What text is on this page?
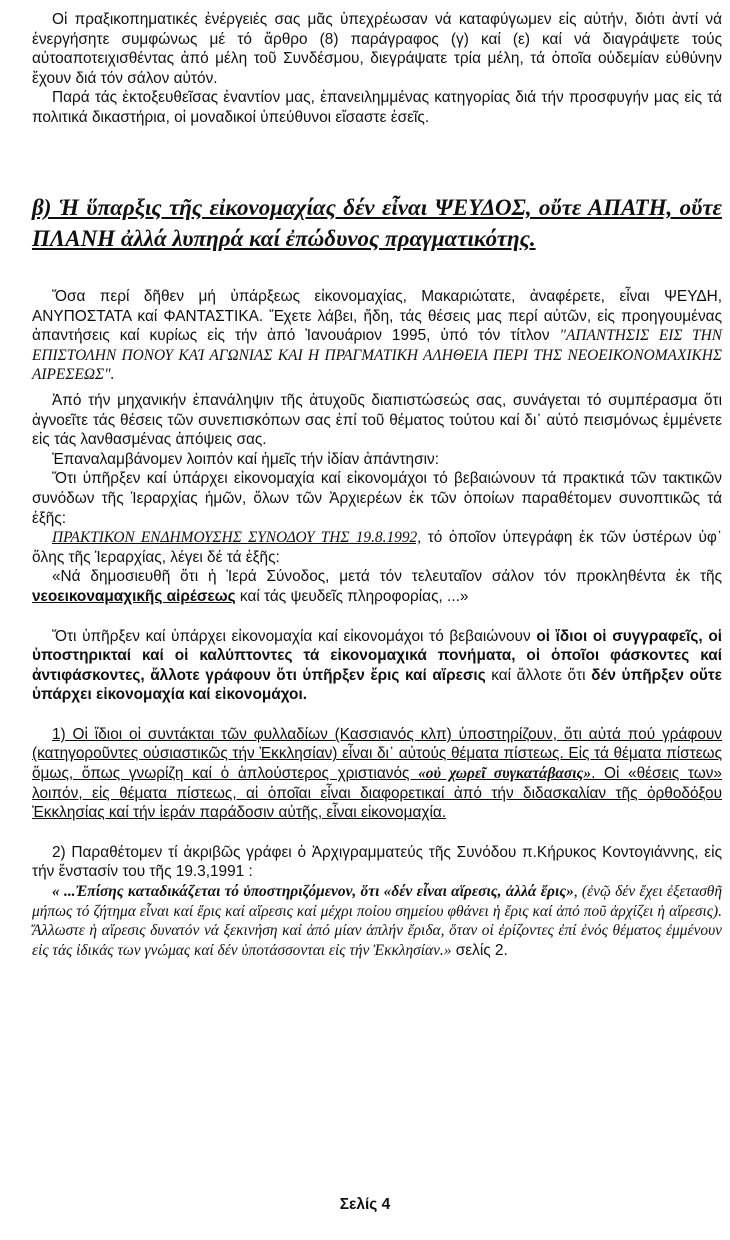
Οἱ πραξικοπηματικές ἐνέργειές σας μᾶς ὑπεχρέωσαν νά καταφύγωμεν εἰς αὐτήν, διότι ἀντί νά ἐνεργήσητε συμφώνως μέ τό ἄρθρο (8) παράγραφος (γ) καί (ε) καί νά διαγράψετε τούς αὐτοαποτειχισθέντας ἀπό μέλη τοῦ Συνδέσμου, διεγράψατε τρία μέλη, τά ὁποῖα οὐδεμίαν εὐθύνην ἔχουν διά τόν σάλον αὐτόν.

Παρά τάς ἐκτοξευθεῖσας ἐναντίον μας, ἐπανειλημμένας κατηγορίας διά τήν προσφυγήν μας εἰς τά πολιτικά δικαστήρια, οἱ μοναδικοί ὑπεύθυνοι εἴσαστε ἐσεῖς.

β) Ἡ ὕπαρξις τῆς εἰκονομαχίας δέν εἶναι ΨΕΥΔΟΣ, οὔτε ΑΠΑΤΗ, οὔτε ΠΛΑΝΗ ἀλλά λυπηρά καί ἐπώδυνος πραγματικότης.

Ὅσα περί δῆθεν μή ὑπάρξεως εἰκονομαχίας, Μακαριώτατε, ἀναφέρετε, εἶναι ΨΕΥΔΗ, ΑΝΥΠΟΣΤΑΤΑ καί ΦΑΝΤΑΣΤΙΚΑ. Ἔχετε λάβει, ἤδη, τάς θέσεις μας περί αὐτῶν, εἰς προηγουμένας ἀπαντήσεις καί κυρίως εἰς τήν ἀπό Ἰανουάριον 1995, ὑπό τόν τίτλον "ΑΠΑΝΤΗΣΙΣ ΕΙΣ ΤΗΝ ΕΠΙΣΤΟΛΗΝ ΠΟΝΟΥ ΚΑΊ ΑΓΩΝΙΑΣ ΚΑΙ Η ΠΡΑΓΜΑΤΙΚΗ ΑΛΗΘΕΙΑ ΠΕΡΙ ΤΗΣ ΝΕΟΕΙΚΟΝΟΜΑΧΙΚΗΣ ΑΙΡΕΣΕΩΣ".

Ἀπό τήν μηχανικήν ἐπανάληψιν τῆς ἀτυχοῦς διαπιστώσεώς σας, συνάγεται τό συμπέρασμα ὅτι ἀγνοεῖτε τάς θέσεις τῶν συνεπισκόπων σας ἐπί τοῦ θέματος τούτου καί δι᾽ αὐτό πεισμόνως ἐμμένετε εἰς τάς λανθασμένας ἀπόψεις σας.

Ἐπαναλαμβάνομεν λοιπόν καί ἡμεῖς τήν ἰδίαν ἀπάντησιν:

Ὅτι ὑπῆρξεν καί ὑπάρχει εἰκονομαχία καί εἰκονομάχοι τό βεβαιώνουν τά πρακτικά τῶν τακτικῶν συνόδων τῆς Ἱεραρχίας ἡμῶν, ὅλων τῶν Ἀρχιερέων ἐκ τῶν ὁποίων παραθέτομεν συνοπτικῶς τά ἑξῆς:

ΠΡΑΚΤΙΚΟΝ ΕΝΔΗΜΟΥΣΗΣ ΣΥΝΟΔΟΥ ΤΗΣ 19.8.1992, τό ὁποῖον ὑπεγράφη ἐκ τῶν ὑστέρων ὑφ᾽ ὅλης τῆς Ἱεραρχίας, λέγει δέ τά ἑξῆς:

«Νά δημοσιευθῆ ὅτι ἡ Ἱερά Σύνοδος, μετά τόν τελευταῖον σάλον τόν προκληθέντα ἐκ τῆς νεοεικοναμαχικῆς αἱρέσεως καί τάς ψευδεῖς πληροφορίας, ...»

Ὅτι ὑπῆρξεν καί ὑπάρχει εἰκονομαχία καί εἰκονομάχοι τό βεβαιώνουν οἱ ἴδιοι οἱ συγγραφεῖς, οἱ ὑποστηρικταί καί οἱ καλύπτοντες τά εἰκονομαχικά πονήματα, οἱ ὁποῖοι φάσκοντες καί ἀντιφάσκοντες, ἄλλοτε γράφουν ὅτι ὑπῆρξεν ἔρις καί αἵρεσις καί ἄλλοτε ὅτι δέν ὑπῆρξεν οὔτε ὑπάρχει εἰκονομαχία καί εἰκονομάχοι.

1) Οἱ ἴδιοι οἱ συντάκται τῶν φυλλαδίων (Κασσιανός κλπ) ὑποστηρίζουν, ὅτι αὐτά πού γράφουν (κατηγοροῦντες οὐσιαστικῶς τήν Ἐκκλησίαν) εἶναι δι᾽ αὐτούς θέματα πίστεως. Εἰς τά θέματα πίστεως ὅμως, ὅπως γνωρίζη καί ὁ ἁπλούστερος χριστιανός «οὐ χωρεῖ συγκατάβασις». Οἱ «θέσεις των» λοιπόν, εἰς θέματα πίστεως, αἱ ὁποῖαι εἶναι διαφορετικαί ἀπό τήν διδασκαλίαν τῆς ὀρθοδόξου Ἐκκλησίας καί τήν ἱεράν παράδοσιν αὐτῆς, εἶναι εἰκονομαχία.

2) Παραθέτομεν τί ἀκριβῶς γράφει ὁ Ἀρχιγραμματεύς τῆς Συνόδου π.Κήρυκος Κοντογιάννης, εἰς τήν ἔνστασίν του τῆς 19.3,1991 :

« ...Ἐπίσης καταδικάζεται τό ὑποστηριζόμενον, ὅτι «δέν εἶναι αἵρεσις, ἀλλά ἔρις», (ἐνῷ δέν ἔχει ἐξετασθῆ μήπως τό ζήτημα εἶναι καί ἔρις καί αἵρεσις καί μέχρι ποίου σημείου φθάνει ἡ ἔρις καί ἀπό ποῦ ἀρχίζει ἡ αἵρεσις). Ἄλλωστε ἡ αἵρεσις δυνατόν νά ξεκινήση καί ἀπό μίαν ἁπλήν ἔριδα, ὅταν οἱ ἐρίζοντες ἐπί ἑνός θέματος ἐμμένουν εἰς τάς ἰδικάς των γνώμας καί δέν ὑποτάσσονται εἰς τήν Ἐκκλησίαν.» σελίς 2.

Σελίς 4
